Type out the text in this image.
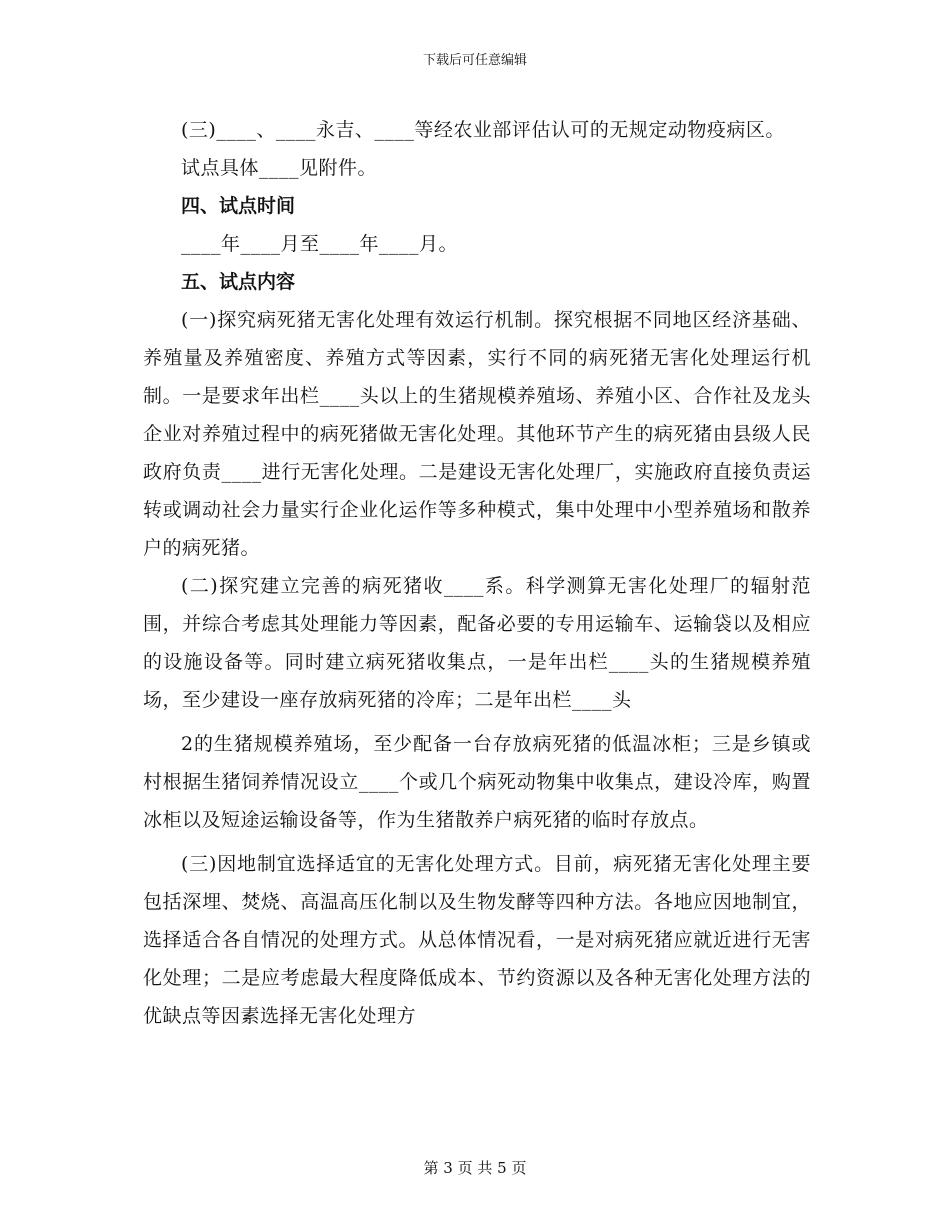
下载后可任意编辑

(三)____、____永吉、____等经农业部评估认可的无规定动物疫病区。

试点具体____见附件。

四、试点时间

____年____月至____年____月。

五、试点内容

(一)探究病死猪无害化处理有效运行机制。探究根据不同地区经济基础、养殖量及养殖密度、养殖方式等因素，实行不同的病死猪无害化处理运行机制。一是要求年出栏____头以上的生猪规模养殖场、养殖小区、合作社及龙头企业对养殖过程中的病死猪做无害化处理。其他环节产生的病死猪由县级人民政府负责____进行无害化处理。二是建设无害化处理厂，实施政府直接负责运转或调动社会力量实行企业化运作等多种模式，集中处理中小型养殖场和散养户的病死猪。

(二)探究建立完善的病死猪收____系。科学测算无害化处理厂的辐射范围，并综合考虑其处理能力等因素，配备必要的专用运输车、运输袋以及相应的设施设备等。同时建立病死猪收集点，一是年出栏____头的生猪规模养殖场，至少建设一座存放病死猪的冷库；二是年出栏____头

2的生猪规模养殖场，至少配备一台存放病死猪的低温冰柜；三是乡镇或村根据生猪饲养情况设立____个或几个病死动物集中收集点，建设冷库，购置冰柜以及短途运输设备等，作为生猪散养户病死猪的临时存放点。

(三)因地制宜选择适宜的无害化处理方式。目前，病死猪无害化处理主要包括深埋、焚烧、高温高压化制以及生物发酵等四种方法。各地应因地制宜，选择适合各自情况的处理方式。从总体情况看，一是对病死猪应就近进行无害化处理；二是应考虑最大程度降低成本、节约资源以及各种无害化处理方法的优缺点等因素选择无害化处理方

第 3 页 共 5 页
